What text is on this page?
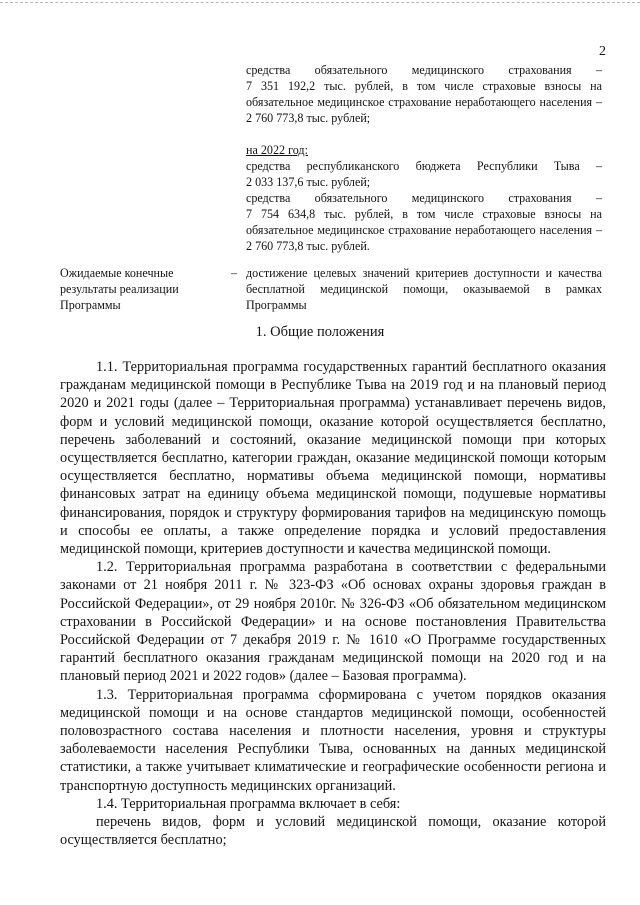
2

средства обязательного медицинского страхования –

7 351 192,2 тыс. рублей, в том числе страховые взносы на обязательное медицинское страхование неработающего населения – 2 760 773,8 тыс. рублей;

на 2022 год:

средства республиканского бюджета Республики Тыва –

2 033 137,6 тыс. рублей;

средства обязательного медицинского страхования –

7 754 634,8 тыс. рублей, в том числе страховые взносы на обязательное медицинское страхование неработающего населения – 2 760 773,8 тыс. рублей.

Ожидаемые конечные результаты реализации Программы
– достижение целевых значений критериев доступности и качества бесплатной медицинской помощи, оказываемой в рамках Программы

1. Общие положения

1.1. Территориальная программа государственных гарантий бесплатного оказания гражданам медицинской помощи в Республике Тыва на 2019 год и на плановый период 2020 и 2021 годы (далее – Территориальная программа) устанавливает перечень видов, форм и условий медицинской помощи, оказание которой осуществляется бесплатно, перечень заболеваний и состояний, оказание медицинской помощи при которых осуществляется бесплатно, категории граждан, оказание медицинской помощи которым осуществляется бесплатно, нормативы объема медицинской помощи, нормативы финансовых затрат на единицу объема медицинской помощи, подушевые нормативы финансирования, порядок и структуру формирования тарифов на медицинскую помощь и способы ее оплаты, а также определение порядка и условий предоставления медицинской помощи, критериев доступности и качества медицинской помощи.

1.2. Территориальная программа разработана в соответствии с федеральными законами от 21 ноября 2011 г. № 323-ФЗ «Об основах охраны здоровья граждан в Российской Федерации», от 29 ноября 2010г. № 326-ФЗ «Об обязательном медицинском страховании в Российской Федерации» и на основе постановления Правительства Российской Федерации от 7 декабря 2019 г. № 1610 «О Программе государственных гарантий бесплатного оказания гражданам медицинской помощи на 2020 год и на плановый период 2021 и 2022 годов» (далее – Базовая программа).

1.3. Территориальная программа сформирована с учетом порядков оказания медицинской помощи и на основе стандартов медицинской помощи, особенностей половозрастного состава населения и плотности населения, уровня и структуры заболеваемости населения Республики Тыва, основанных на данных медицинской статистики, а также учитывает климатические и географические особенности региона и транспортную доступность медицинских организаций.

1.4. Территориальная программа включает в себя:

перечень видов, форм и условий медицинской помощи, оказание которой осуществляется бесплатно;
